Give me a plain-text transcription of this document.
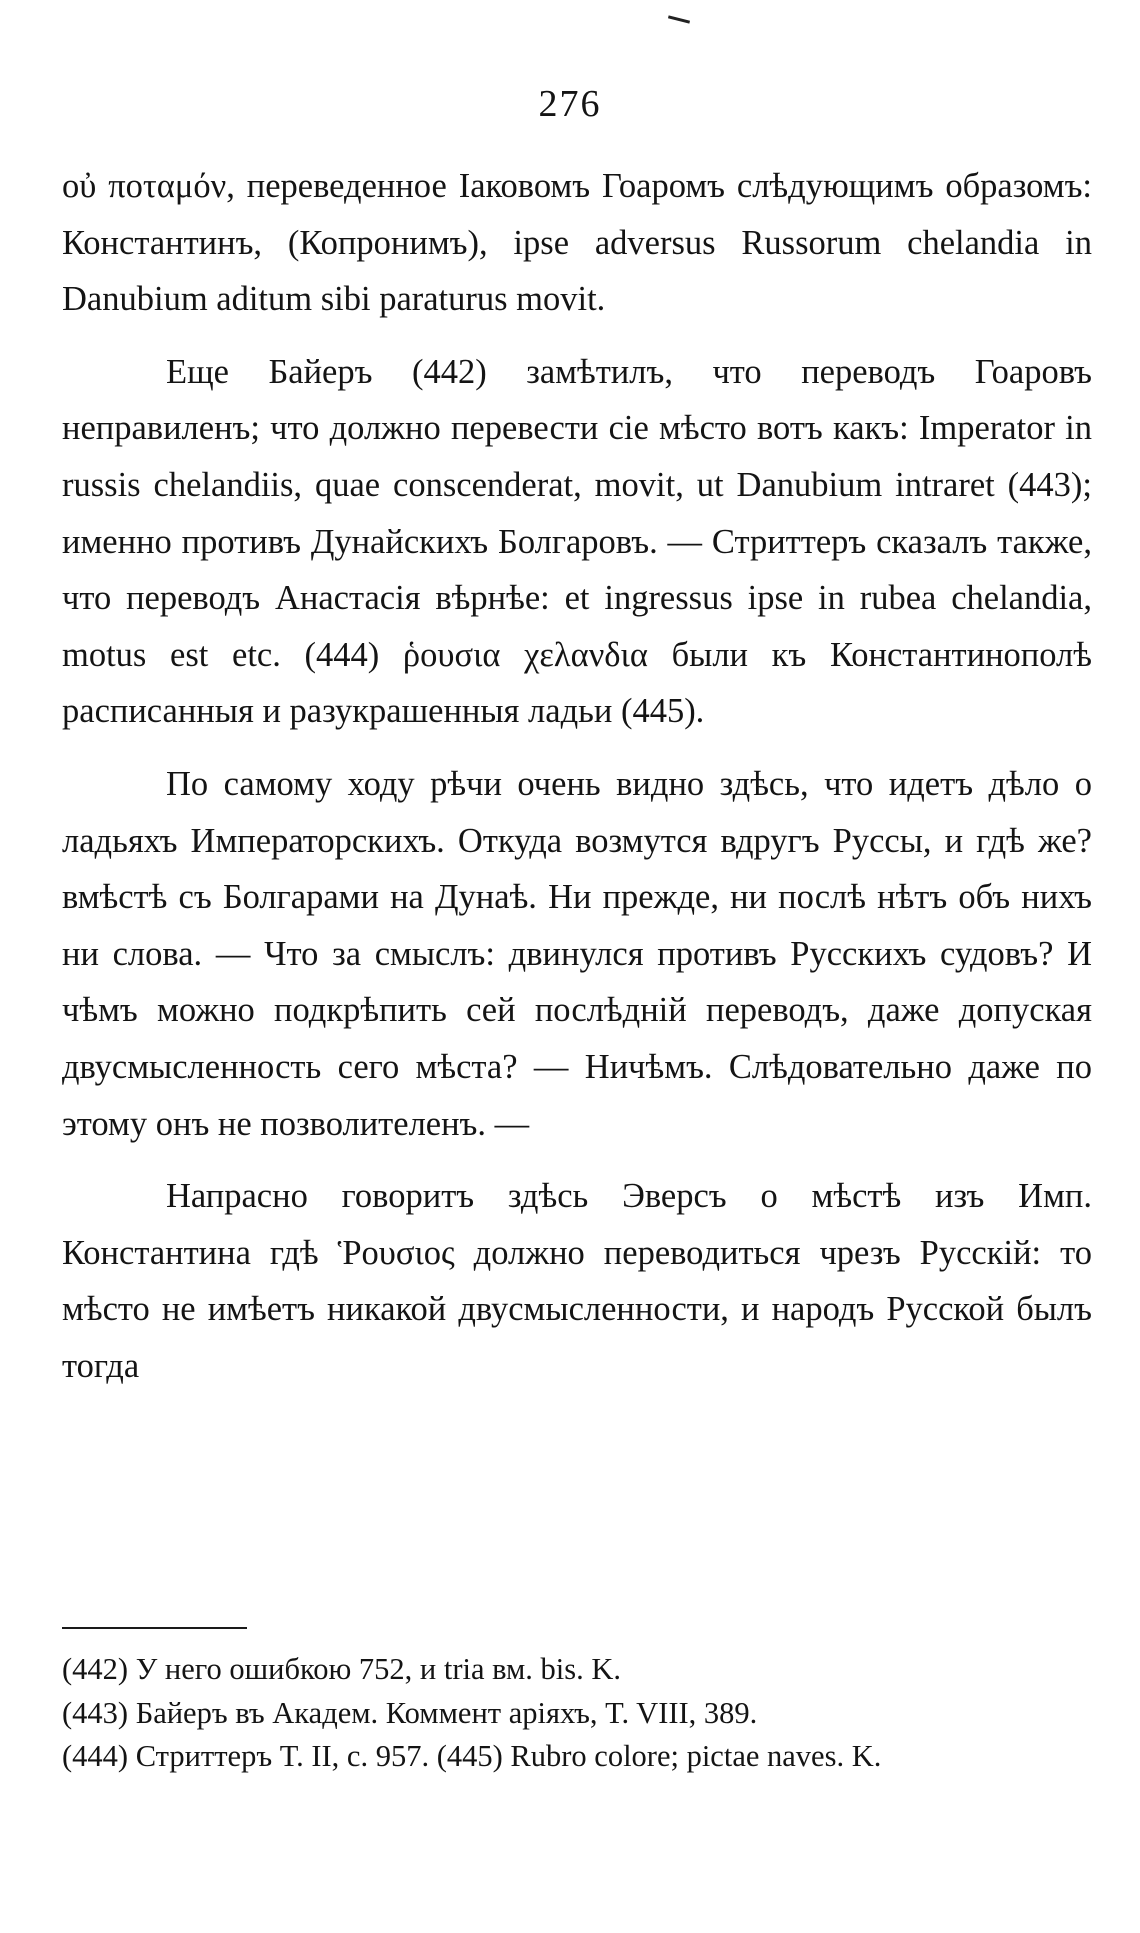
276

οὐ ποταμόν, переведенное Іаковомъ Гоаромъ слѣдующимъ образомъ: Константинъ, (Копронимъ), ipse adversus Russorum chelandia in Danubium aditum sibi paraturus movit.

Еще Байеръ (442) замѣтилъ, что переводъ Гоаровъ неправиленъ; что должно перевести сіе мѣсто вотъ какъ: Imperator in russis chelandiis, quae conscenderat, movit, ut Danubium intraret (443); именно противъ Дунайскихъ Болгаровъ. — Стриттеръ сказалъ также, что переводъ Анастасія вѣрнѣе: et ingressus ipse in rubea chelandia, motus est etc. (444) ῥουσια χελανδια были къ Константинополѣ расписанныя и разукрашенныя ладьи (445).

По самому ходу рѣчи очень видно здѣсь, что идетъ дѣло о ладьяхъ Императорскихъ. Откуда возмутся вдругъ Руссы, и гдѣ же? вмѣстѣ съ Болгарами на Дунаѣ. Ни прежде, ни послѣ нѣтъ объ нихъ ни слова. — Что за смыслъ: двинулся противъ Русскихъ судовъ? И чѣмъ можно подкрѣпить сей послѣдній переводъ, даже допуская двусмысленность сего мѣста? — Ничѣмъ. Слѣдовательно даже по этому онъ не позволителенъ. —

Напрасно говоритъ здѣсь Эверсъ о мѣстѣ изъ Имп. Константина гдѣ Ῥουσιος должно переводиться чрезъ Русскій: то мѣсто не имѣетъ никакой двусмысленности, и народъ Русской былъ тогда

(442) У него ошибкою 752, и tria вм. bis. K.

(443) Байеръ въ Академ. Коммент аріяхъ, T. VIII, 389.

(444) Стриттеръ T. II, c. 957. (445) Rubro colore; pictae naves. K.
